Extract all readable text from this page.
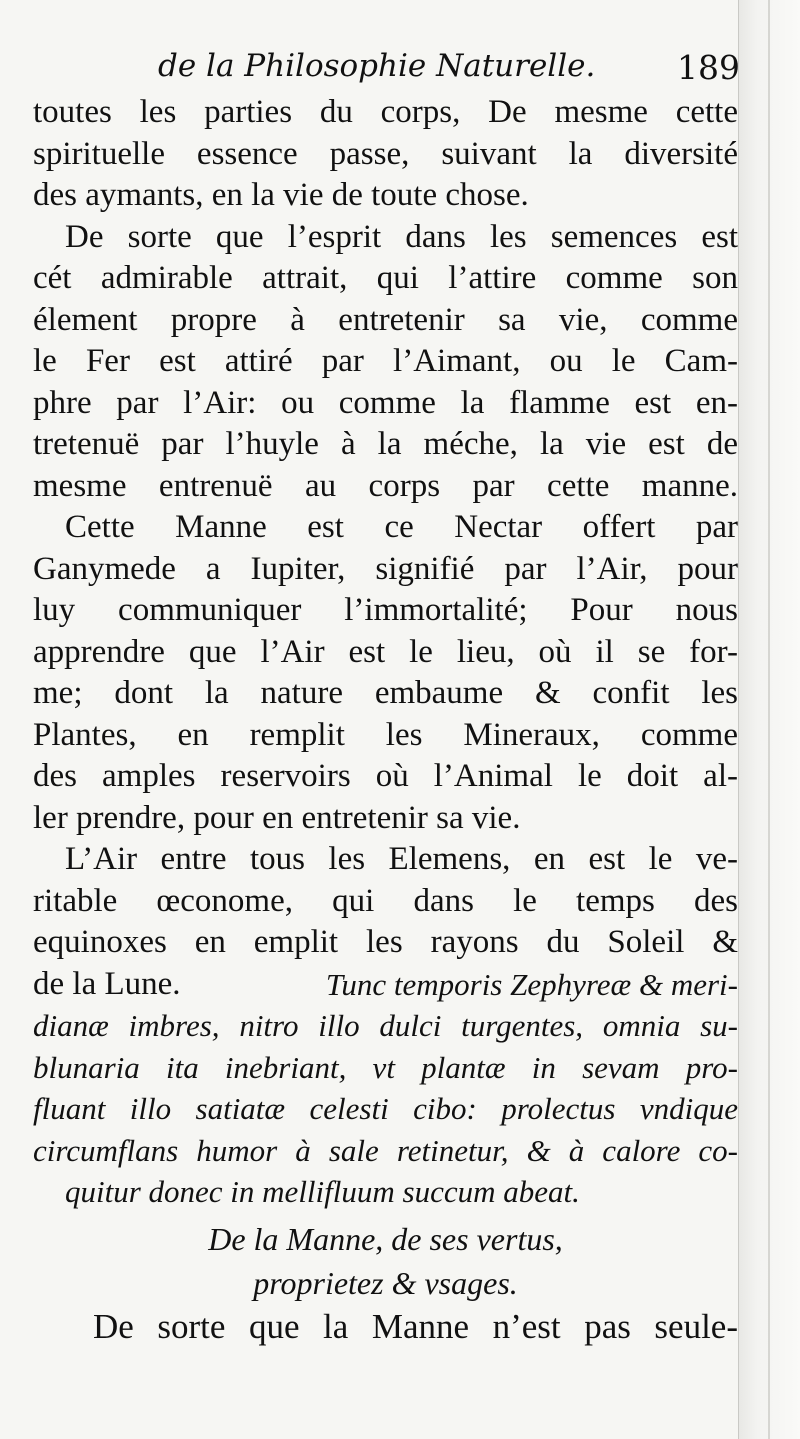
de la Philosophie Naturelle. 189
toutes les parties du corps, De mesme cette
spirituelle essence passe, suivant la diversité
des aymants, en la vie de toute chose.
De sorte que l’esprit dans les semences est
cét admirable attrait, qui l’attire comme son
élement propre à entretenir sa vie, comme
le Fer est attiré par l’Aimant, ou le Cam-
phre par l’Air: ou comme la flamme est en-
tretenuë par l’huyle à la méche, la vie est de
mesme entrenuë au corps par cette manne.
Cette Manne est ce Nectar offert par
Ganymede a Iupiter, signifié par l’Air, pour
luy communiquer l’immortalité; Pour nous
apprendre que l’Air est le lieu, où il se for-
me; dont la nature embaume & confit les
Plantes, en remplit les Mineraux, comme
des amples reservoirs où l’Animal le doit al-
ler prendre, pour en entretenir sa vie.
L’Air entre tous les Elemens, en est le ve-
ritable œconome, qui dans le temps des
equinoxes en emplit les rayons du Soleil &
de la Lune.	Tunc temporis Zephyreæ & meri-
dianæ imbres, nitro illo dulci turgentes, omnia su-
blunaria ita inebriant, vt plantæ in sevam pro-
fluant illo satiatæ celesti cibo: prolectus vndique
circumflans humor à sale retinetur, & à calore co-
quitur donec in mellifluum succum abeat.
De la Manne, de ses vertus,
proprietez & vsages.
De sorte que la Manne n’est pas seule-
